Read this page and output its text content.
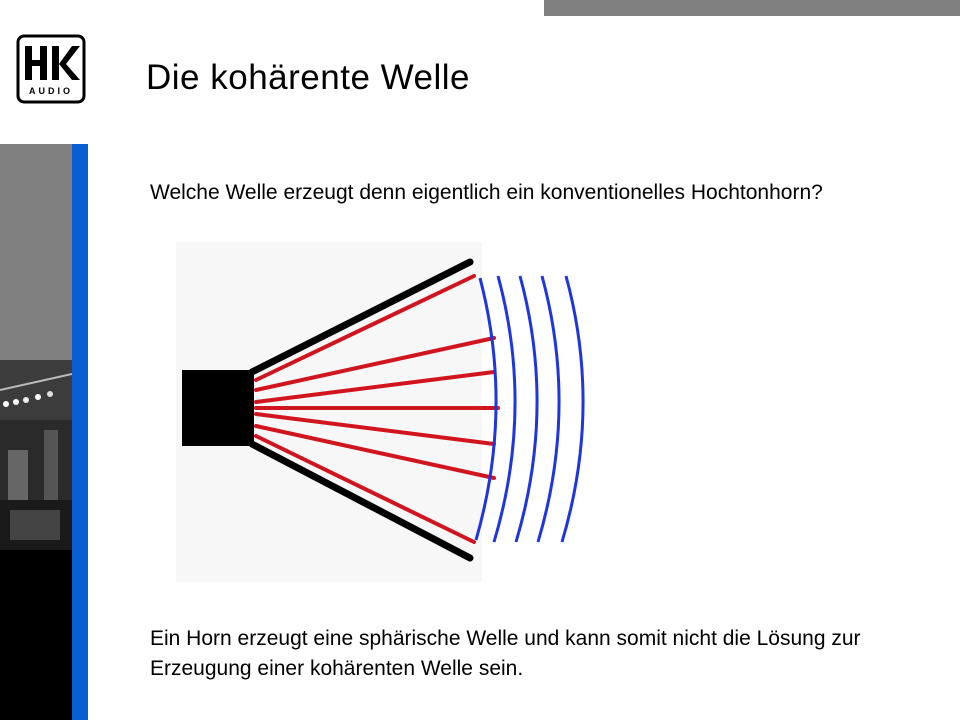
AUDIO Die kohärente Welle
Welche Welle erzeugt denn eigentlich ein konventionelles Hochtonhorn?
Ein Horn erzeugt eine sphärische Welle und kann somit nicht die Lösung zur Erzeugung einer kohärenten Welle sein.
